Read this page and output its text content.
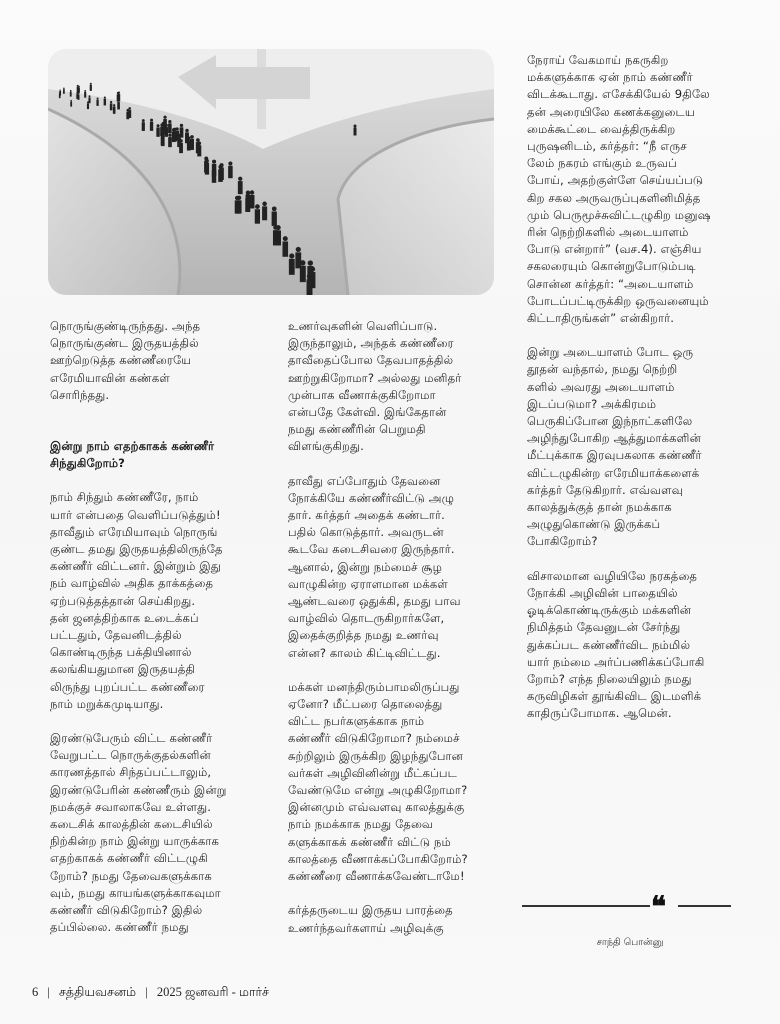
நொருங்குண்டிருந்தது. அந்த
நொருங்குண்ட இருதயத்தில்
ஊற்றெடுத்த கண்ணீரையே
எரேமியாவின் கண்கள்
சொரிந்தது.

இன்று நாம் எதற்காகக் கண்ணீர்
சிந்துகிறோம்?

நாம் சிந்தும் கண்ணீரே, நாம்
யார் என்பதை வெளிப்படுத்தும்!
தாவீதும் எரேமியாவும் நொருங்
குண்ட தமது இருதயத்திலிருந்தே
கண்ணீர் விட்டனர். இன்றும் இது
நம் வாழ்வில் அதிக தாக்கத்தை
ஏற்படுத்தத்தான் செய்கிறது.
தன் ஜனத்திற்காக உடைக்கப்
பட்டதும், தேவனிடத்தில்
கொண்டிருந்த பக்தியினால்
கலங்கியதுமான இருதயத்தி
லிருந்து புறப்பட்ட கண்ணீரை
நாம் மறுக்கமுடியாது.

இரண்டுபேரும் விட்ட கண்ணீர்
வேறுபட்ட நொருக்குதல்களின்
காரணத்தால் சிந்தப்பட்டாலும்,
இரண்டுபேரின் கண்ணீரும் இன்று
நமக்குச் சவாலாகவே உள்ளது.
கடைசிக் காலத்தின் கடைசியில்
நிற்கின்ற நாம் இன்று யாருக்காக
எதற்காகக் கண்ணீர் விட்டழுகி
றோம்? நமது தேவைகளுக்காக
வும், நமது காயங்களுக்காகவுமா
கண்ணீர் விடுகிறோம்? இதில்
தப்பில்லை. கண்ணீர் நமது

உணர்வுகளின் வெளிப்பாடு.
இருந்தாலும், அந்தக் கண்ணீரை
தாவீதைப்போல தேவபாதத்தில்
ஊற்றுகிறோமா? அல்லது மனிதர்
முன்பாக வீணாக்குகிறோமா
என்பதே கேள்வி. இங்கேதான்
நமது கண்ணீரின் பெறுமதி
விளங்குகிறது.

தாவீது எப்போதும் தேவனை
நோக்கியே கண்ணீர்விட்டு அழு
தார். கர்த்தர் அதைக் கண்டார்.
பதில் கொடுத்தார். அவருடன்
கூடவே கடைசிவரை இருந்தார்.
ஆனால், இன்று நம்மைச் சூழ
வாழுகின்ற ஏராளமான மக்கள்
ஆண்டவரை ஒதுக்கி, தமது பாவ
வாழ்வில் தொடருகிறார்களே,
இதைக்குறித்த நமது உணர்வு
என்ன? காலம் கிட்டிவிட்டது.

மக்கள் மனந்திரும்பாமலிருப்பது
ஏனோ? மீட்பரை தொலைத்து
விட்ட நபர்களுக்காக நாம்
கண்ணீர் விடுகிறோமா? நம்மைச்
சுற்றிலும் இருக்கிற இழந்துபோன
வர்கள் அழிவினின்று மீட்கப்பட
வேண்டுமே என்று அழுகிறோமா?
இன்னமும் எவ்வளவு காலத்துக்கு
நாம் நமக்காக நமது தேவை
களுக்காகக் கண்ணீர் விட்டு நம்
காலத்தை வீணாக்கப்போகிறோம்?
கண்ணீரை வீணாக்கவேண்டாமே!

கர்த்தருடைய இருதய பாரத்தை
உணர்ந்தவர்களாய் அழிவுக்கு

நேராய் வேகமாய் நகருகிற
மக்களுக்காக ஏன் நாம் கண்ணீர்
விடக்கூடாது. எசேக்கியேல் 9திலே
தன் அரையிலே கணக்கனுடைய
மைக்கூட்டை வைத்திருக்கிற
புருஷனிடம், கர்த்தர்: “நீ எருச
லேம் நகரம் எங்கும் உருவப்
போய், அதற்குள்ளே செய்யப்படு
கிற சகல அருவருப்புகளினிமித்த
மும் பெருமூச்சுவிட்டழுகிற மனுஷ
ரின் நெற்றிகளில் அடையாளம்
போடு என்றார்” (வச.4). எஞ்சிய
சகலரையும் கொன்றுபோடும்படி
சொன்ன கர்த்தர்: “அடையாளம்
போடப்பட்டிருக்கிற ஒருவனையும்
கிட்டாதிருங்கள்” என்கிறார்.

இன்று அடையாளம் போட ஒரு
தூதன் வந்தால், நமது நெற்றி
களில் அவரது அடையாளம்
இடப்படுமா? அக்கிரமம்
பெருகிப்போன இந்நாட்களிலே
அழிந்துபோகிற ஆத்துமாக்களின்
மீட்புக்காக இரவுபகலாக கண்ணீர்
விட்டழுகின்ற எரேமியாக்களைக்
கர்த்தர் தேடுகிறார். எவ்வளவு
காலத்துக்குத் தான் நமக்காக
அழுதுகொண்டு இருக்கப்
போகிறோம்?

விசாலமான வழியிலே நரகத்தை
நோக்கி அழிவின் பாதையில்
ஓடிக்கொண்டிருக்கும் மக்களின்
நிமித்தம் தேவனுடன் சேர்ந்து
துக்கப்பட கண்ணீர்விட நம்மில்
யார் நம்மை அர்ப்பணிக்கப்போகி
றோம்? எந்த நிலையிலும் நமது
கருவிழிகள் தூங்கிவிட இடமளிக்
காதிருப்போமாக. ஆமென்.

❝
சாந்தி பொன்னு
6 | சத்தியவசனம் | 2025 ஜனவரி - மார்ச்
